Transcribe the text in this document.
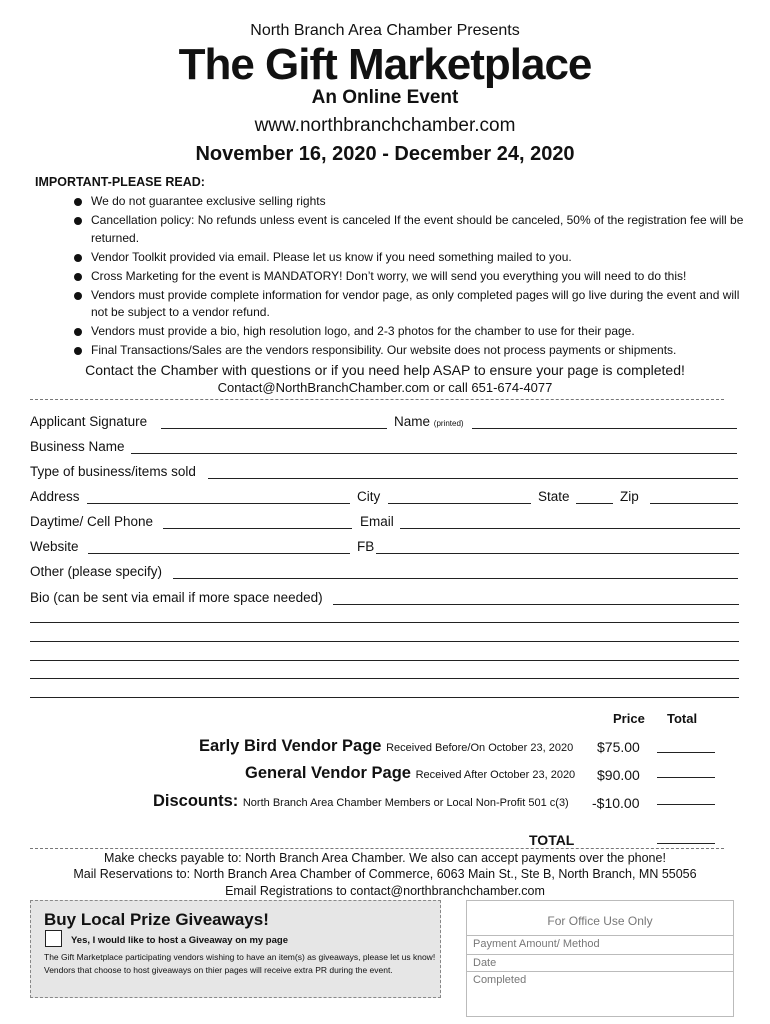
North Branch Area Chamber Presents
The Gift Marketplace
An Online Event
www.northbranchchamber.com
November 16, 2020 - December 24, 2020
IMPORTANT-PLEASE READ:
We do not guarantee exclusive selling rights
Cancellation policy: No refunds unless event is canceled If the event should be canceled, 50% of the registration fee will be returned.
Vendor Toolkit provided via email. Please let us know if you need something mailed to you.
Cross Marketing for the event is MANDATORY! Don’t worry, we will send you everything you will need to do this!
Vendors must provide complete information for vendor page, as only completed pages will go live during the event and will not be subject to a vendor refund.
Vendors must provide a bio, high resolution logo, and 2-3 photos for the chamber to use for their page.
Final Transactions/Sales are the vendors responsibility. Our website does not process payments or shipments.
Contact the Chamber with questions or if you need help ASAP to ensure your page is completed!
Contact@NorthBranchChamber.com or call 651-674-4077
Applicant Signature	Name (printed)
Business Name
Type of business/items sold
Address	City	State	Zip
Daytime/ Cell Phone	Email
Website	FB
Other (please specify)
Bio (can be sent via email if more space needed)
Price Total
Early Bird Vendor Page Received Before/On October 23, 2020 $75.00
General Vendor Page Received After October 23, 2020 $90.00
Discounts: North Branch Area Chamber Members or Local Non-Profit 501 c(3) -$10.00
TOTAL
Make checks payable to: North Branch Area Chamber. We also can accept payments over the phone!
Mail Reservations to: North Branch Area Chamber of Commerce, 6063 Main St., Ste B, North Branch, MN 55056
Email Registrations to contact@northbranchchamber.com
Buy Local Prize Giveaways!
Yes, I would like to host a Giveaway on my page
The Gift Marketplace participating vendors wishing to have an item(s) as giveaways, please let us know! Vendors that choose to host giveaways on thier pages will receive extra PR during the event.
For Office Use Only
Payment Amount/ Method
Date
Completed
